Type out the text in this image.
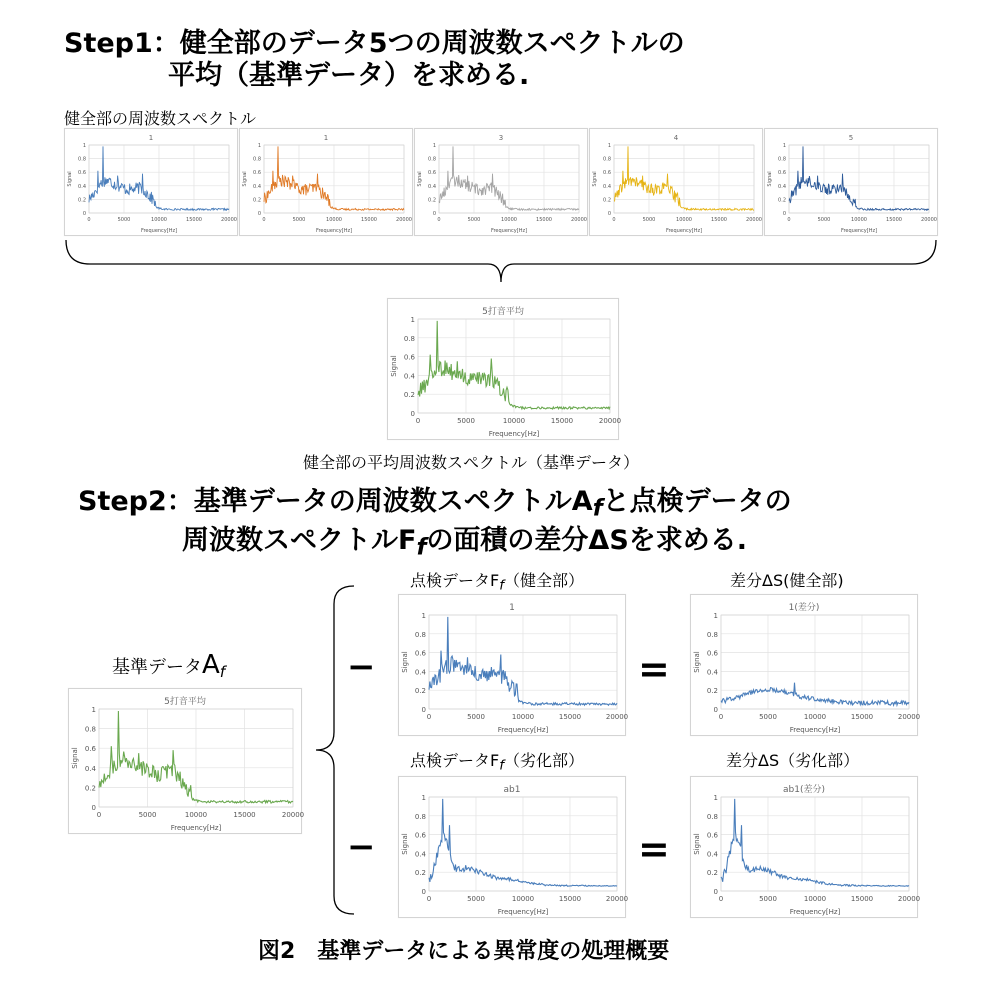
Step1：健全部のデータ5つの周波数スペクトルの
平均（基準データ）を求める.
健全部の周波数スペクトル
1
0	5000	10000	15000	20000
0
0.2
0.4
0.6
0.8
1
Frequency[Hz]
Signal
1
0	5000	10000	15000	20000
0
0.2
0.4
0.6
0.8
1
Frequency[Hz]
Signal
3
0	5000	10000	15000	20000
0
0.2
0.4
0.6
0.8
1
Frequency[Hz]
Signal
4
0	5000	10000	15000	20000
0
0.2
0.4
0.6
0.8
1
Frequency[Hz]
Signal
5
0	5000	10000	15000	20000
0
0.2
0.4
0.6
0.8
1
Frequency[Hz]
Signal
5打音平均
0	5000	10000	15000	20000
0
0.2
0.4
0.6
0.8
1
Frequency[Hz]
Signal
健全部の平均周波数スペクトル（基準データ）
Step2：基準データの周波数スペクトル$A_f$と点検データの
周波数スペクトル$F_f$の面積の差分ΔSを求める.
基準データAf
5打音平均
0	5000	10000	15000	20000
0
0.2
0.4
0.6
0.8
1
Frequency[Hz]
Signal
−
−
点検データ$F_f$（健全部）
1
0	5000	10000	15000	20000
0
0.2
0.4
0.6
0.8
1
Frequency[Hz]
Signal
点検データ$F_f$（劣化部）
ab1
0	5000	10000	15000	20000
0
0.2
0.4
0.6
0.8
1
Frequency[Hz]
Signal
=
=
差分ΔS(健全部)
1(差分)
0	5000	10000	15000	20000
0
0.2
0.4
0.6
0.8
1
Frequency[Hz]
Signal
差分ΔS（劣化部）
ab1(差分)
0	5000	10000	15000	20000
0
0.2
0.4
0.6
0.8
1
Frequency[Hz]
Signal
図2　基準データによる異常度の処理概要
